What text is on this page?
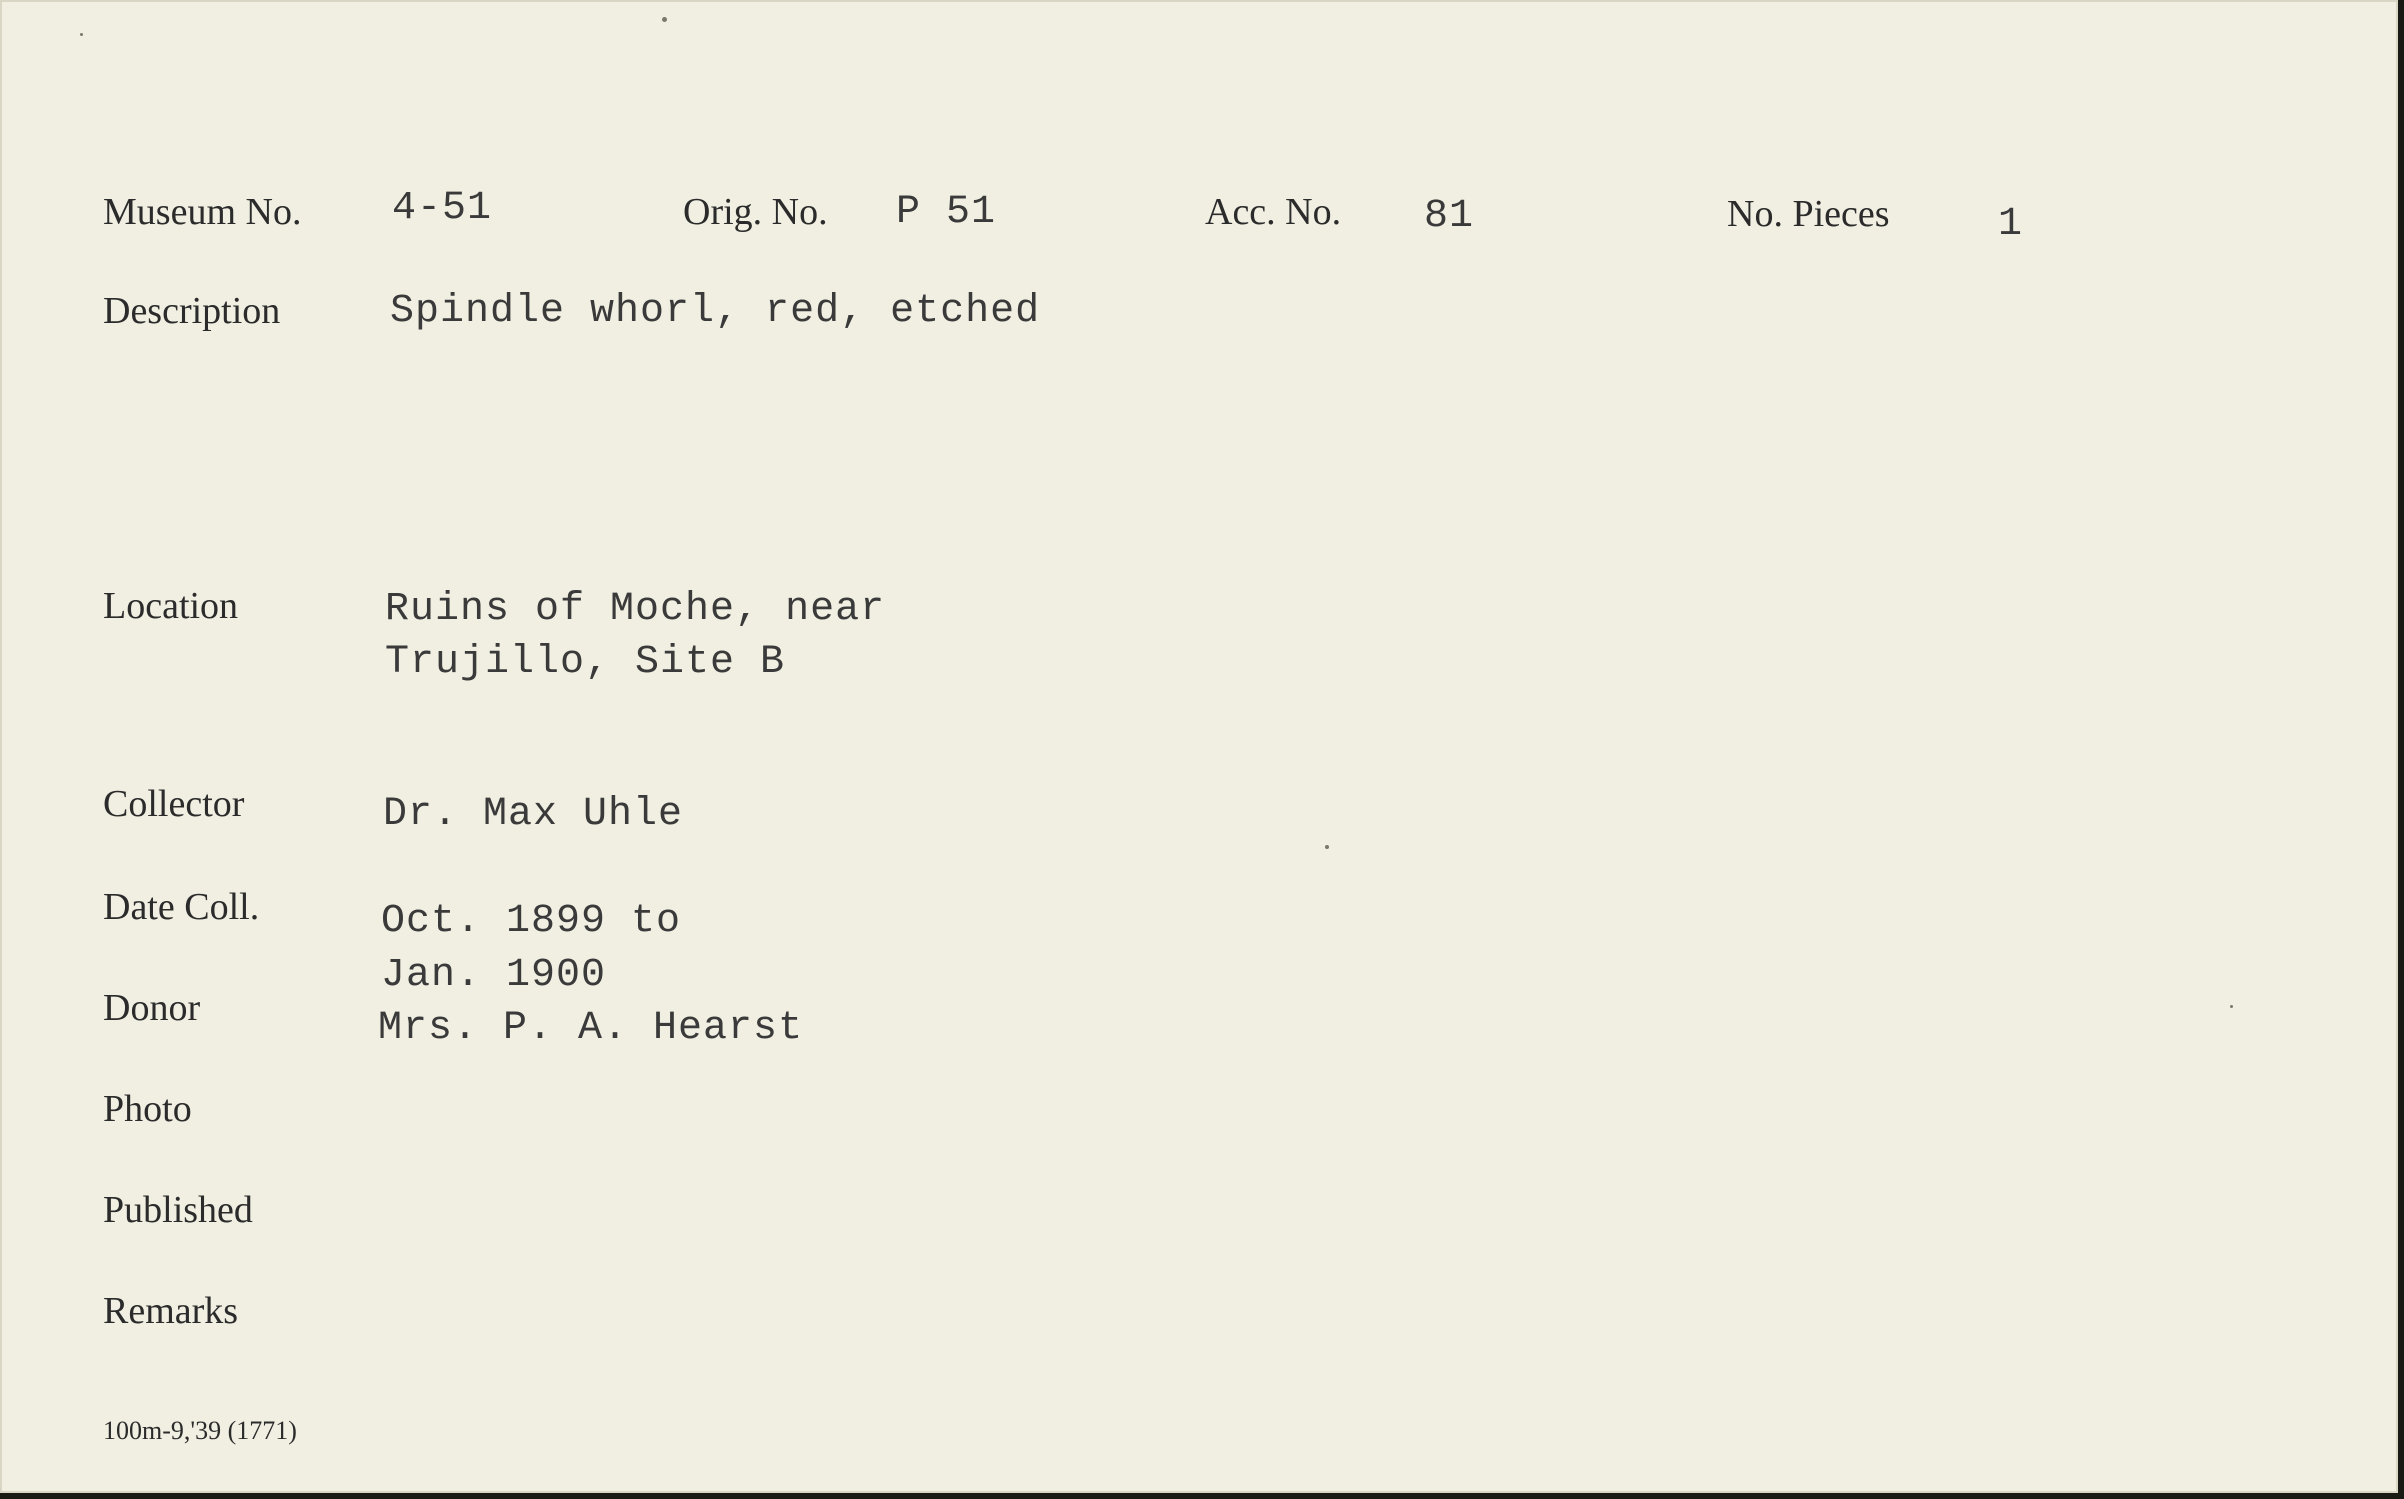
Museum No. 4-51	Orig. No. P 51	Acc. No. 81	No. Pieces	1
Description	Spindle whorl, red, etched
Location	Ruins of Moche, near
Trujillo, Site B
Collector	Dr. Max Uhle
Date Coll.	Oct. 1899 to
Jan. 1900
Donor	Mrs. P. A. Hearst
Photo
Published
Remarks
100m-9,'39 (1771)
